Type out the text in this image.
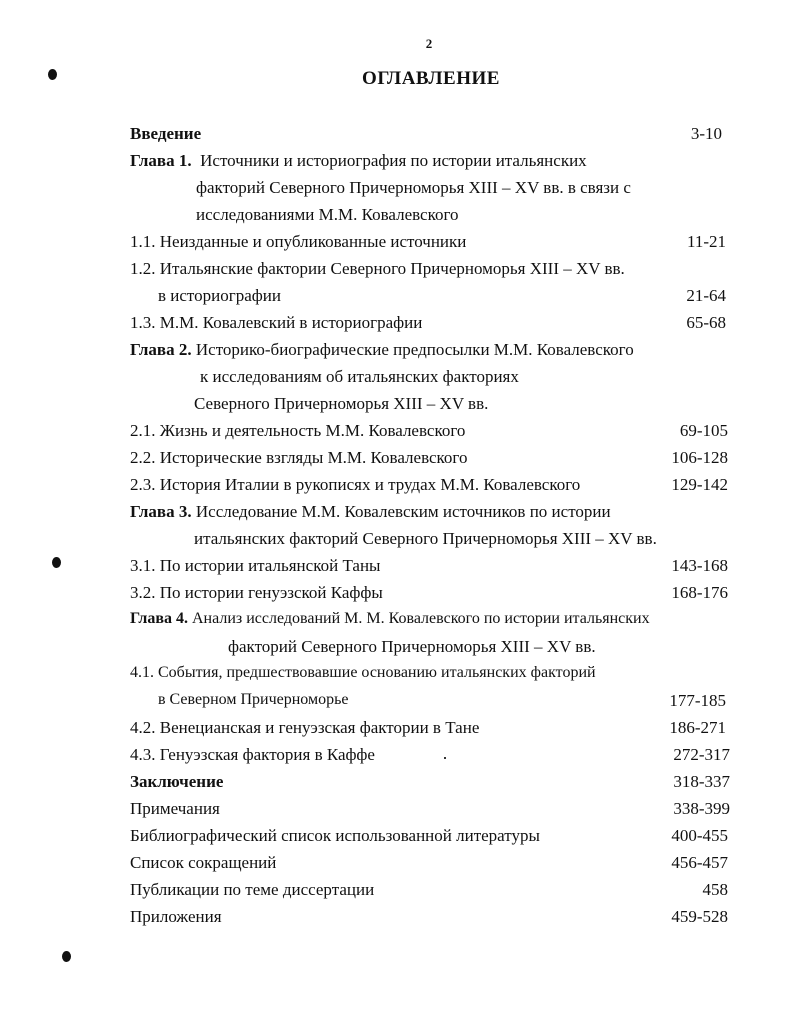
2
ОГЛАВЛЕНИЕ
Введение	3-10
Глава 1. Источники и историография по истории итальянских
факторий Северного Причерноморья XIII – XV вв. в связи с
исследованиями М.М. Ковалевского
1.1. Неизданные и опубликованные источники	11-21
1.2. Итальянские фактории Северного Причерноморья XIII – XV вв.
в историографии	21-64
1.3. М.М. Ковалевский в историографии	65-68
Глава 2. Историко-биографические предпосылки М.М. Ковалевского
к исследованиям об итальянских факториях
Северного Причерноморья XIII – XV вв.
2.1. Жизнь и деятельность М.М. Ковалевского	69-105
2.2. Исторические взгляды М.М. Ковалевского	106-128
2.3. История Италии в рукописях и трудах М.М. Ковалевского	129-142
Глава 3. Исследование М.М. Ковалевским источников по истории
итальянских факторий Северного Причерноморья XIII – XV вв.
3.1. По истории итальянской Таны	143-168
3.2. По истории генуэзской Каффы	168-176
Глава 4. Анализ исследований М. М. Ковалевского по истории итальянских
факторий Северного Причерноморья XIII – XV вв.
4.1. События, предшествовавшие основанию итальянских факторий
в Северном Причерноморье	177-185
4.2. Венецианская и генуэзская фактории в Тане	186-271
4.3. Генуэзская фактория в Каффе	272-317
Заключение	318-337
Примечания	338-399
Библиографический список использованной литературы	400-455
Список сокращений	456-457
Публикации по теме диссертации	458
Приложения	459-528
